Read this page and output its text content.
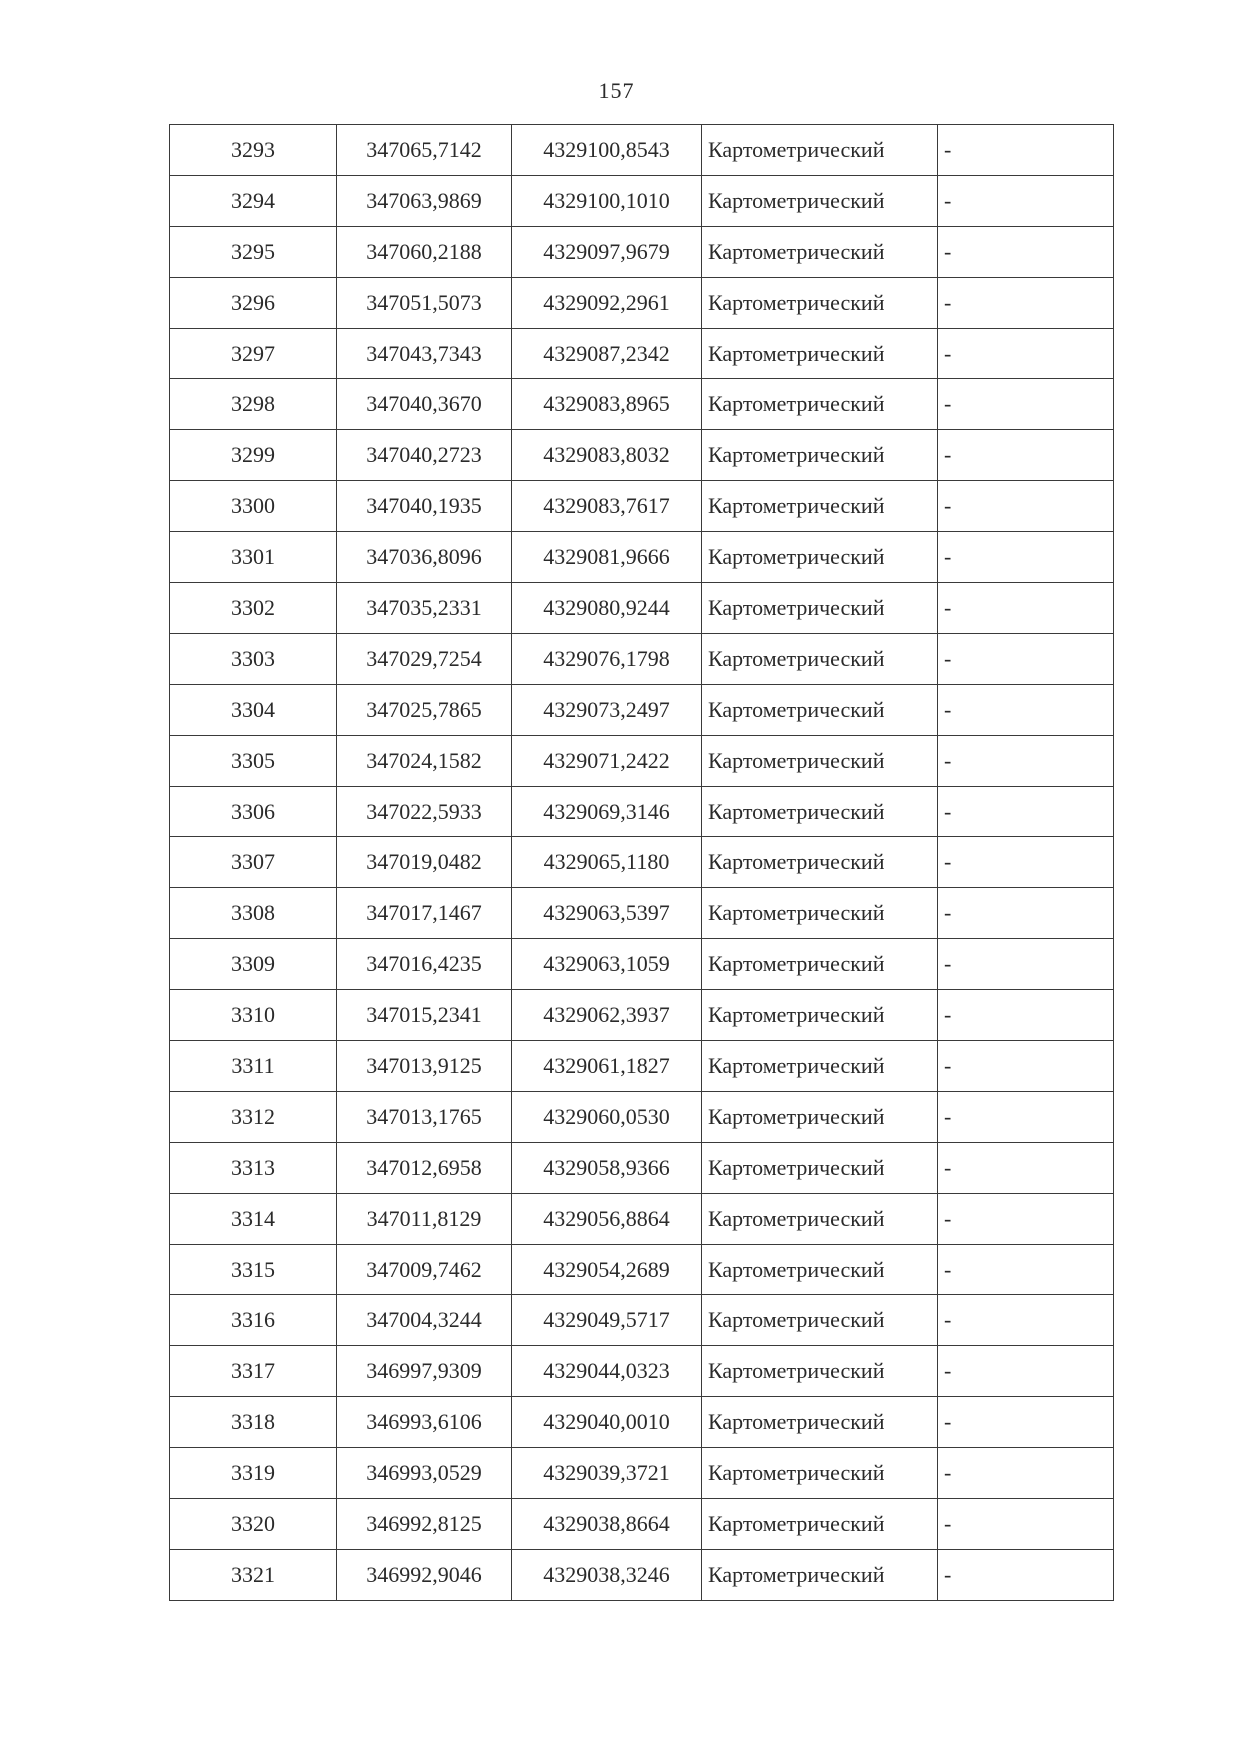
157
3293	347065,7142	4329100,8543	Картометрический	-
3294	347063,9869	4329100,1010	Картометрический	-
3295	347060,2188	4329097,9679	Картометрический	-
3296	347051,5073	4329092,2961	Картометрический	-
3297	347043,7343	4329087,2342	Картометрический	-
3298	347040,3670	4329083,8965	Картометрический	-
3299	347040,2723	4329083,8032	Картометрический	-
3300	347040,1935	4329083,7617	Картометрический	-
3301	347036,8096	4329081,9666	Картометрический	-
3302	347035,2331	4329080,9244	Картометрический	-
3303	347029,7254	4329076,1798	Картометрический	-
3304	347025,7865	4329073,2497	Картометрический	-
3305	347024,1582	4329071,2422	Картометрический	-
3306	347022,5933	4329069,3146	Картометрический	-
3307	347019,0482	4329065,1180	Картометрический	-
3308	347017,1467	4329063,5397	Картометрический	-
3309	347016,4235	4329063,1059	Картометрический	-
3310	347015,2341	4329062,3937	Картометрический	-
3311	347013,9125	4329061,1827	Картометрический	-
3312	347013,1765	4329060,0530	Картометрический	-
3313	347012,6958	4329058,9366	Картометрический	-
3314	347011,8129	4329056,8864	Картометрический	-
3315	347009,7462	4329054,2689	Картометрический	-
3316	347004,3244	4329049,5717	Картометрический	-
3317	346997,9309	4329044,0323	Картометрический	-
3318	346993,6106	4329040,0010	Картометрический	-
3319	346993,0529	4329039,3721	Картометрический	-
3320	346992,8125	4329038,8664	Картометрический	-
3321	346992,9046	4329038,3246	Картометрический	-
